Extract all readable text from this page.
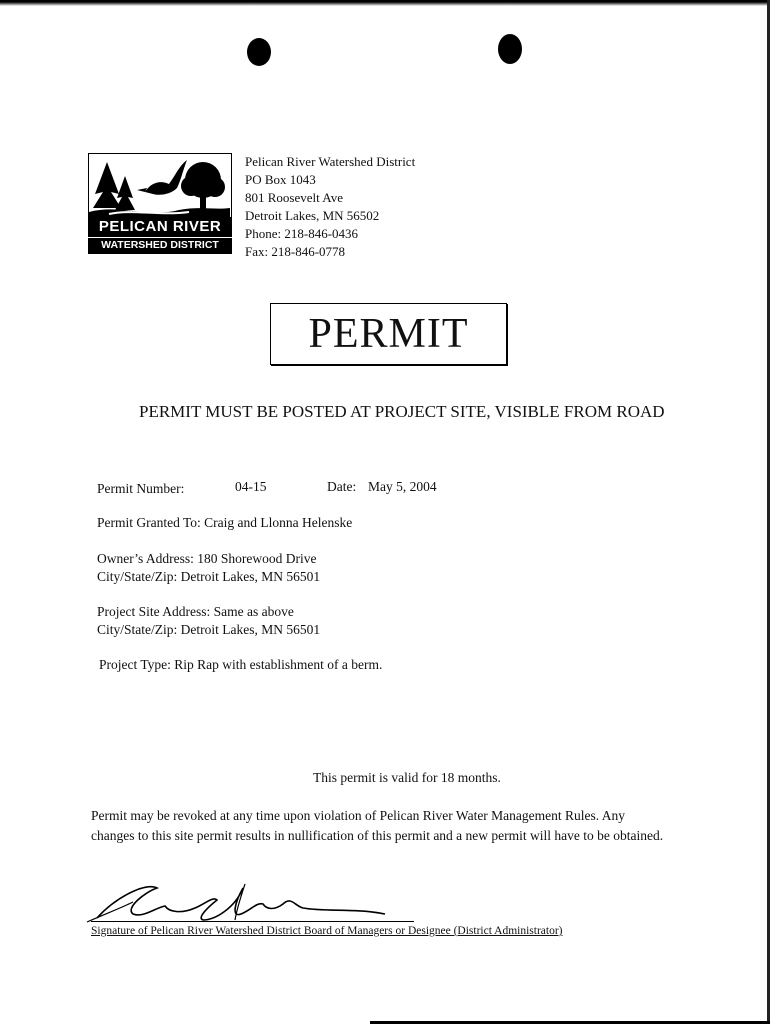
PELICAN RIVER
WATERSHED DISTRICT
Pelican River Watershed District
PO Box 1043
801 Roosevelt Ave
Detroit Lakes, MN 56502
Phone: 218-846-0436
Fax: 218-846-0778
PERMIT
PERMIT MUST BE POSTED AT PROJECT SITE, VISIBLE FROM ROAD
Permit Number:	04-15	Date: May 5, 2004
Permit Granted To: Craig and Llonna Helenske
Owner’s Address: 180 Shorewood Drive
City/State/Zip: Detroit Lakes, MN 56501
Project Site Address: Same as above
City/State/Zip: Detroit Lakes, MN 56501
Project Type: Rip Rap with establishment of a berm.
This permit is valid for 18 months.
Permit may be revoked at any time upon violation of Pelican River Water Management Rules. Any
changes to this site permit results in nullification of this permit and a new permit will have to be obtained.
Signature of Pelican River Watershed District Board of Managers or Designee (District Administrator)
